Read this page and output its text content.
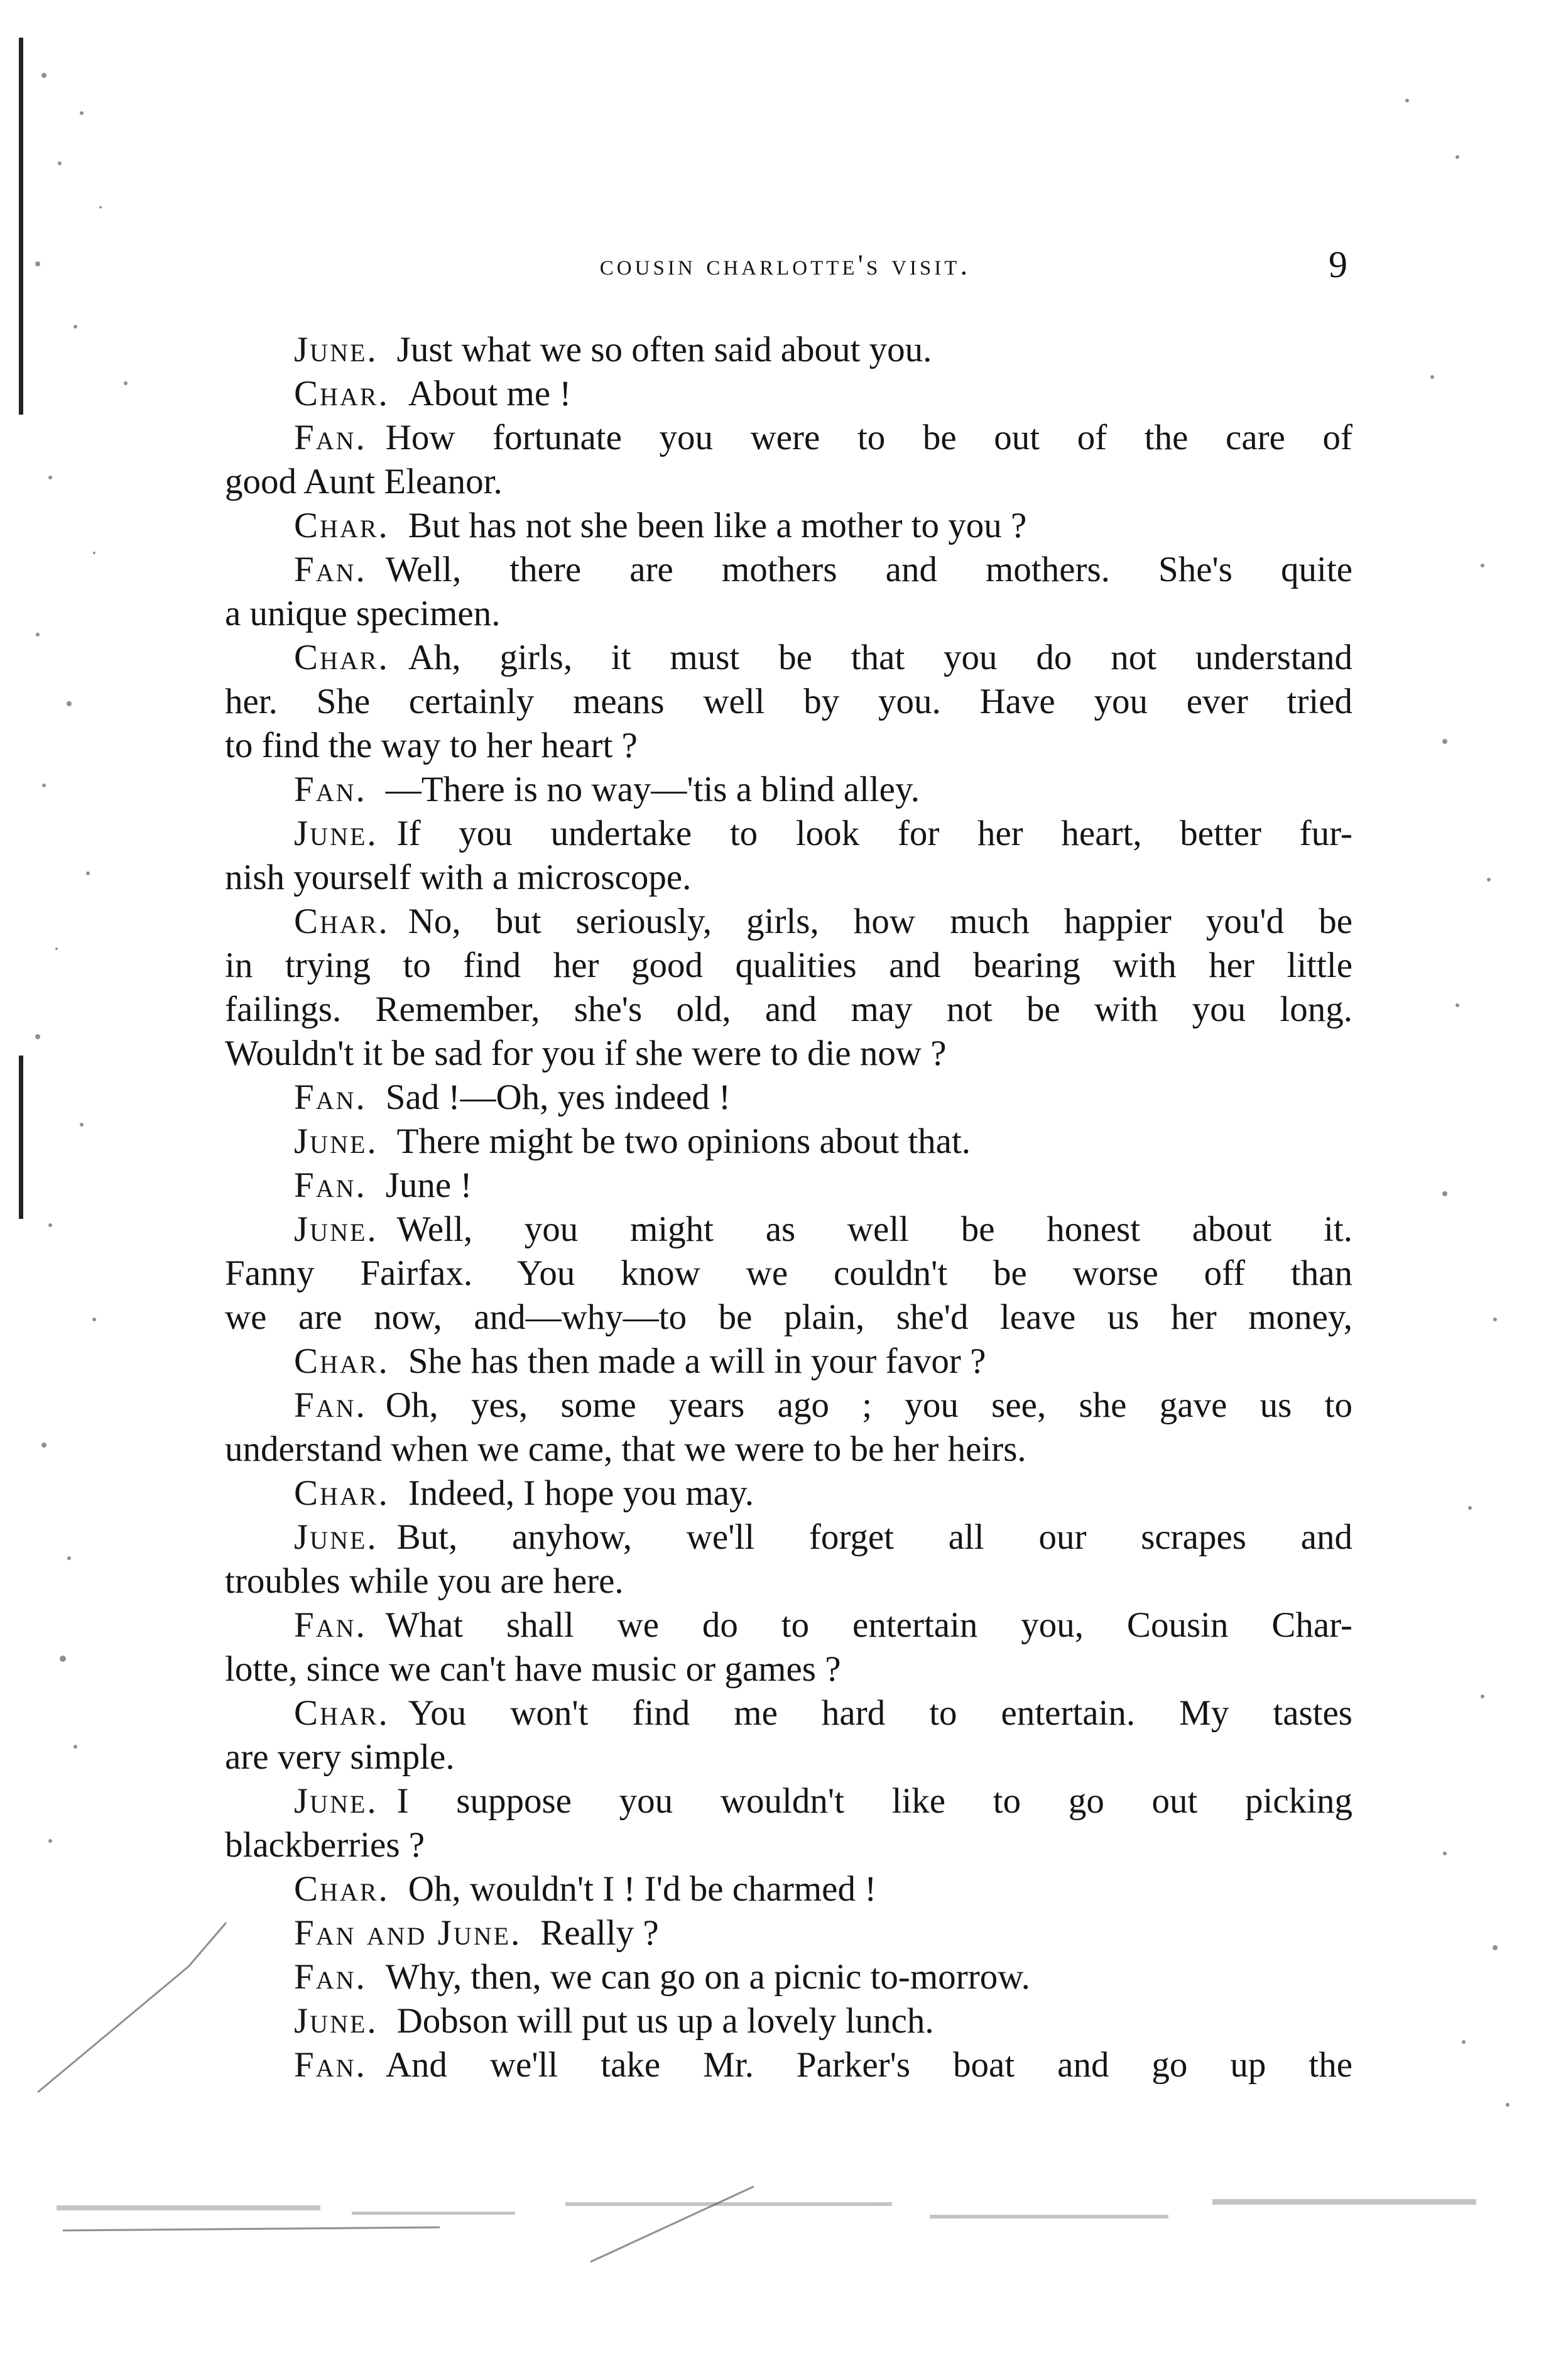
cousin charlotte's visit.	9
June. Just what we so often said about you.
Char. About me !
Fan. How fortunate you were to be out of the care of
good Aunt Eleanor.
Char. But has not she been like a mother to you ?
Fan. Well, there are mothers and mothers. She's quite
a unique specimen.
Char. Ah, girls, it must be that you do not understand
her. She certainly means well by you. Have you ever tried
to find the way to her heart ?
Fan. —There is no way—'tis a blind alley.
June. If you undertake to look for her heart, better fur-
nish yourself with a microscope.
Char. No, but seriously, girls, how much happier you'd be
in trying to find her good qualities and bearing with her little
failings. Remember, she's old, and may not be with you long.
Wouldn't it be sad for you if she were to die now ?
Fan. Sad !—Oh, yes indeed !
June. There might be two opinions about that.
Fan. June !
June. Well, you might as well be honest about it.
Fanny Fairfax. You know we couldn't be worse off than
we are now, and—why—to be plain, she'd leave us her money,
Char. She has then made a will in your favor ?
Fan. Oh, yes, some years ago ; you see, she gave us to
understand when we came, that we were to be her heirs.
Char. Indeed, I hope you may.
June. But, anyhow, we'll forget all our scrapes and
troubles while you are here.
Fan. What shall we do to entertain you, Cousin Char-
lotte, since we can't have music or games ?
Char. You won't find me hard to entertain. My tastes
are very simple.
June. I suppose you wouldn't like to go out picking
blackberries ?
Char. Oh, wouldn't I ! I'd be charmed !
Fan and June. Really ?
Fan. Why, then, we can go on a picnic to-morrow.
June. Dobson will put us up a lovely lunch.
Fan. And we'll take Mr. Parker's boat and go up the
